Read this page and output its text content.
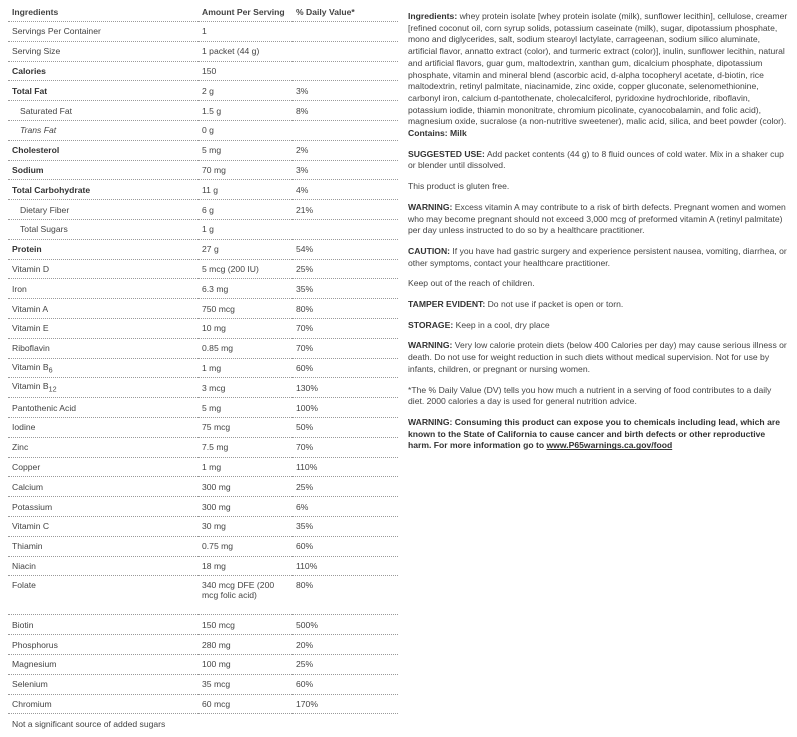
Ingredients	Amount Per Serving	% Daily Value*
Servings Per Container	1	
Serving Size	1 packet (44 g)	
Calories	150	
Total Fat	2 g	3%
Saturated Fat	1.5 g	8%
Trans Fat	0 g	
Cholesterol	5 mg	2%
Sodium	70 mg	3%
Total Carbohydrate	11 g	4%
Dietary Fiber	6 g	21%
Total Sugars	1 g	
Protein	27 g	54%
Vitamin D	5 mcg (200 IU)	25%
Iron	6.3 mg	35%
Vitamin A	750 mcg	80%
Vitamin E	10 mg	70%
Riboflavin	0.85 mg	70%
Vitamin $B_6$	1 mg	60%
Vitamin $B_{12}$	3 mcg	130%
Pantothenic Acid	5 mg	100%
Iodine	75 mcg	50%
Zinc	7.5 mg	70%
Copper	1 mg	110%
Calcium	300 mg	25%
Potassium	300 mg	6%
Vitamin C	30 mg	35%
Thiamin	0.75 mg	60%
Niacin	18 mg	110%
Folate	340 mcg DFE (200 mcg folic acid)	80%
Biotin	150 mcg	500%
Phosphorus	280 mg	20%
Magnesium	100 mg	25%
Selenium	35 mcg	60%
Chromium	60 mcg	170%
Not a significant source of added sugars		

Ingredients: whey protein isolate [whey protein isolate (milk), sunflower lecithin], cellulose, creamer [refined coconut oil, corn syrup solids, potassium caseinate (milk), sugar, dipotassium phosphate, mono and diglycerides, salt, sodium stearoyl lactylate, carrageenan, sodium silico aluminate, artificial flavor, annatto extract (color), and turmeric extract (color)], inulin, sunflower lecithin, natural and artificial flavors, guar gum, maltodextrin, xanthan gum, dicalcium phosphate, dipotassium phosphate, vitamin and mineral blend (ascorbic acid, d-alpha tocopheryl acetate, d-biotin, rice maltodextrin, retinyl palmitate, niacinamide, zinc oxide, copper gluconate, selenomethionine, carbonyl iron, calcium d-pantothenate, cholecalciferol, pyridoxine hydrochloride, riboflavin, potassium iodide, thiamin mononitrate, chromium picolinate, cyanocobalamin, and folic acid), magnesium oxide, sucralose (a non-nutritive sweetener), malic acid, silica, and beet powder (color). Contains: Milk

SUGGESTED USE: Add packet contents (44 g) to 8 fluid ounces of cold water. Mix in a shaker cup or blender until dissolved.

This product is gluten free.

WARNING: Excess vitamin A may contribute to a risk of birth defects. Pregnant women and women who may become pregnant should not exceed 3,000 mcg of preformed vitamin A (retinyl palmitate) per day unless instructed to do so by a healthcare practitioner.

CAUTION: If you have had gastric surgery and experience persistent nausea, vomiting, diarrhea, or other symptoms, contact your healthcare practitioner.

Keep out of the reach of children.

TAMPER EVIDENT: Do not use if packet is open or torn.

STORAGE: Keep in a cool, dry place

WARNING: Very low calorie protein diets (below 400 Calories per day) may cause serious illness or death. Do not use for weight reduction in such diets without medical supervision. Not for use by infants, children, or pregnant or nursing women.

*The % Daily Value (DV) tells you how much a nutrient in a serving of food contributes to a daily diet. 2000 calories a day is used for general nutrition advice.

WARNING: Consuming this product can expose you to chemicals including lead, which are known to the State of California to cause cancer and birth defects or other reproductive harm. For more information go to www.P65warnings.ca.gov/food
